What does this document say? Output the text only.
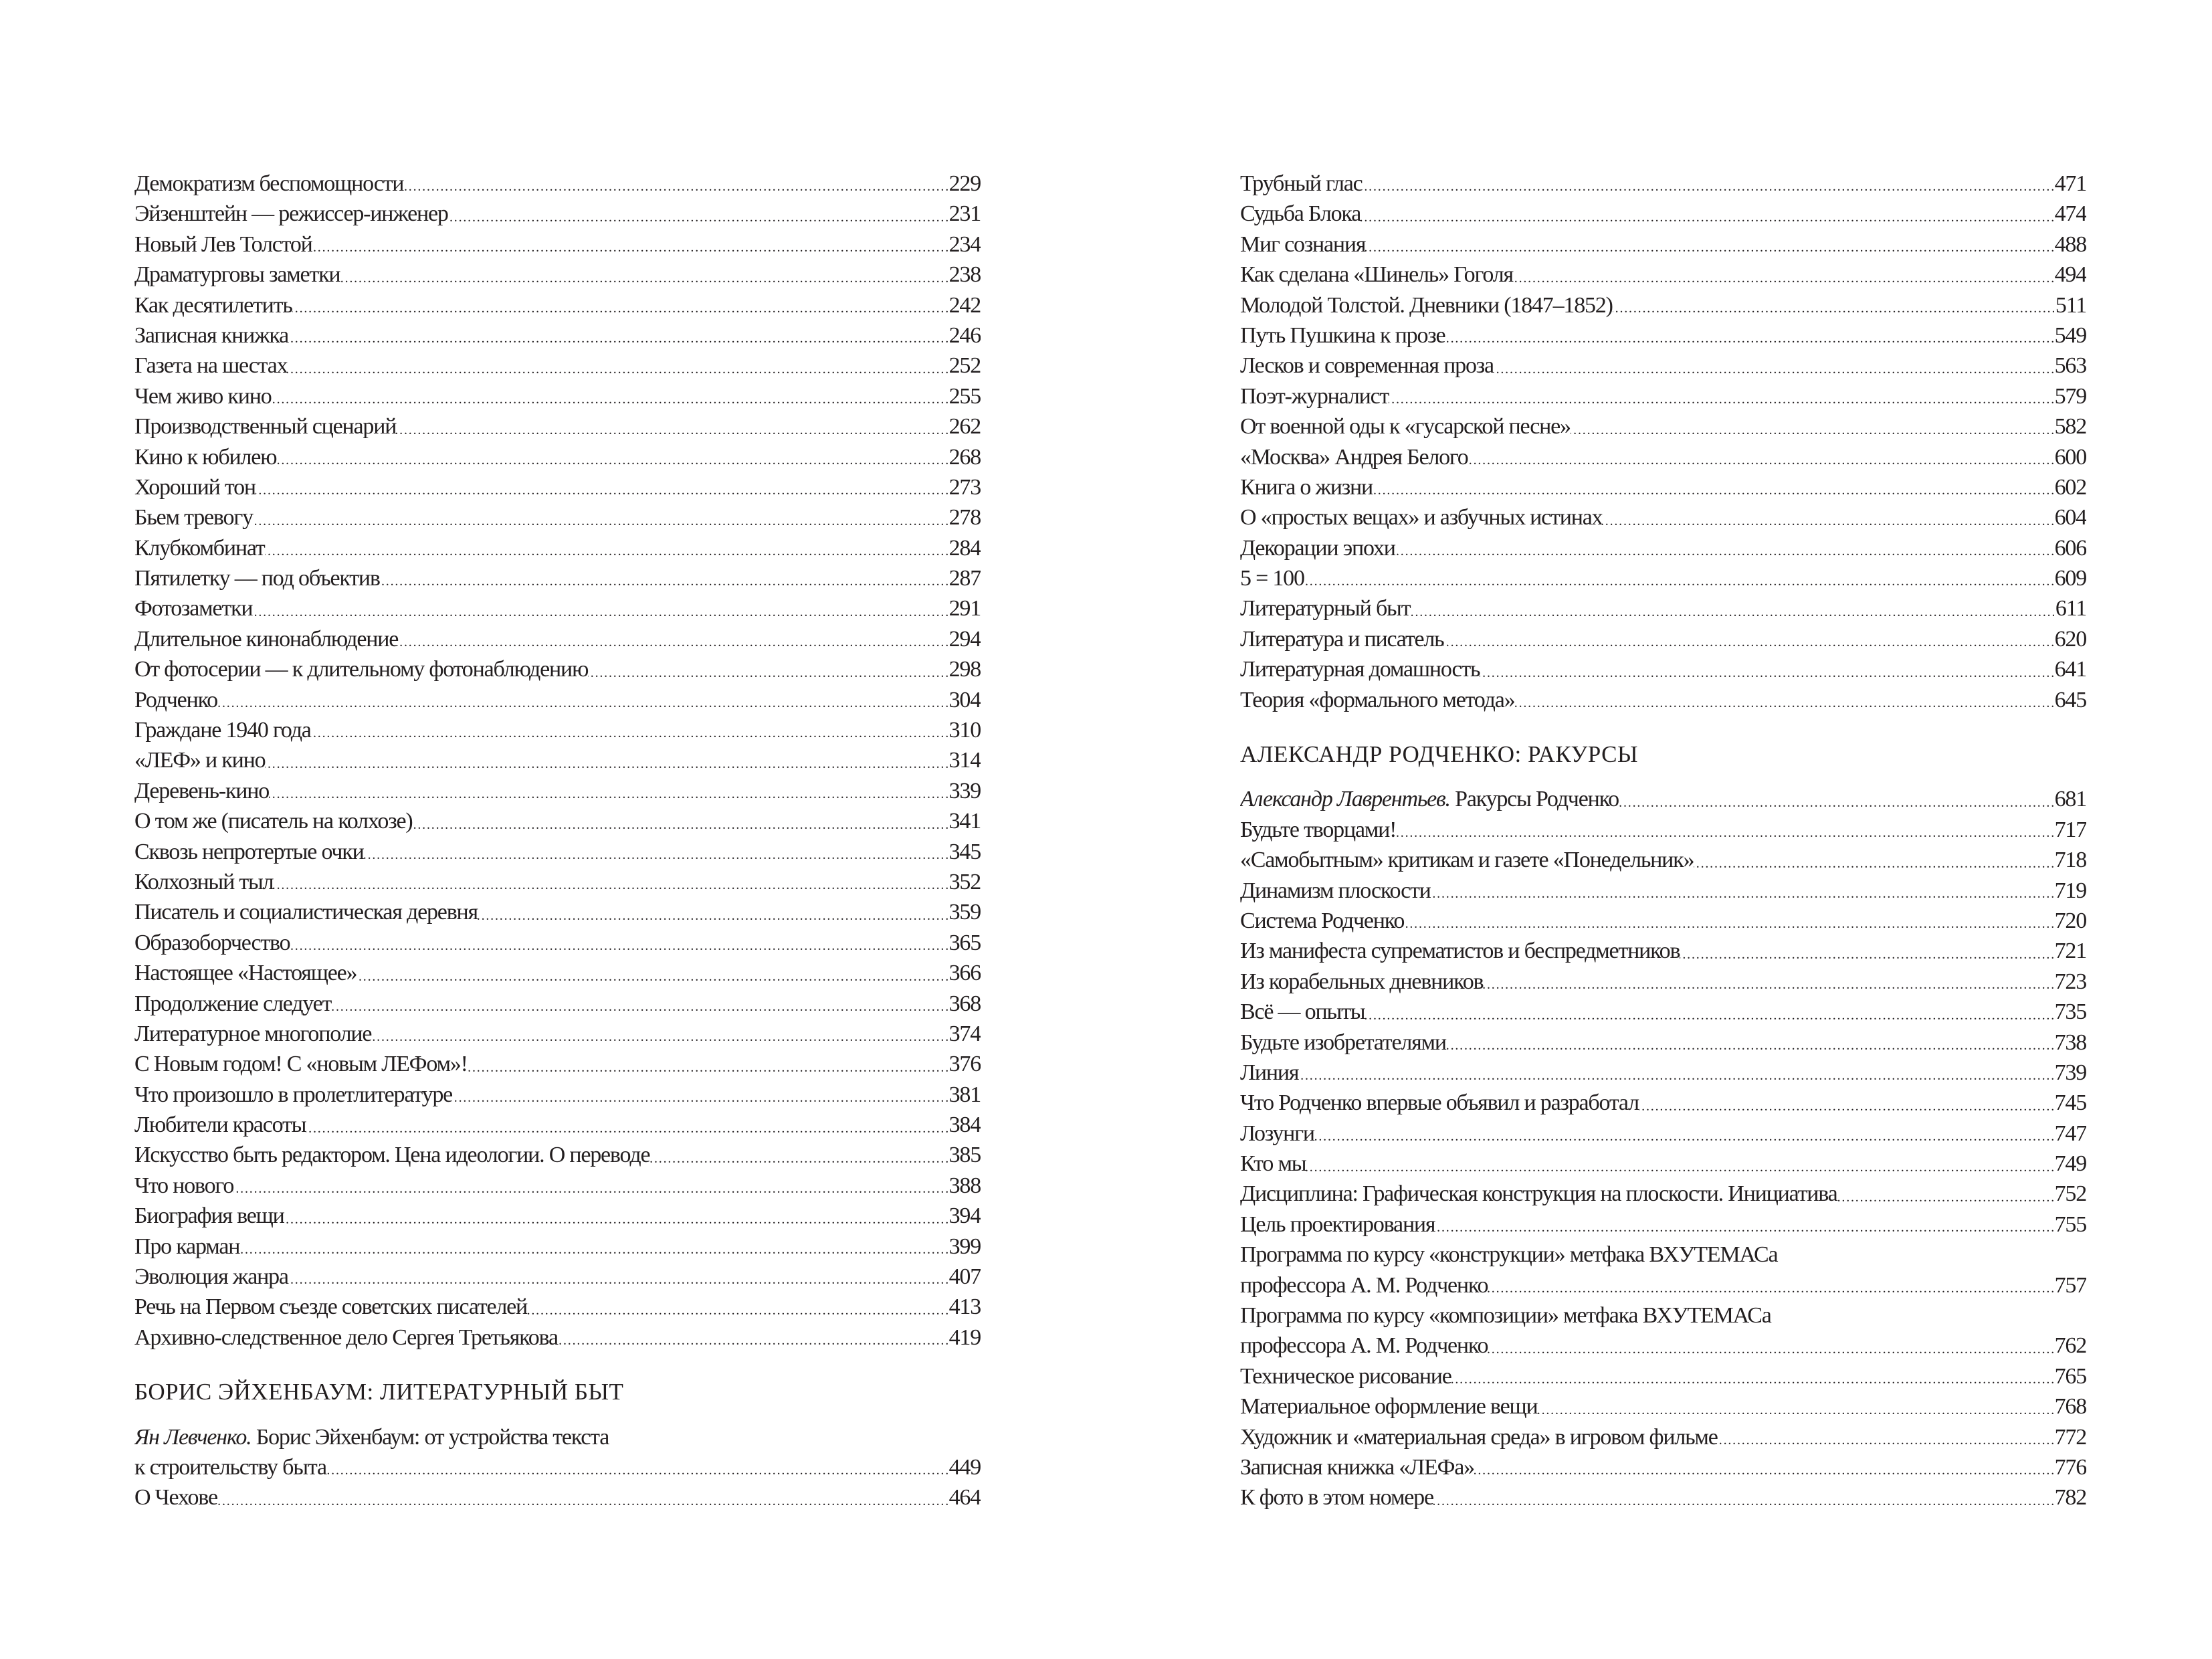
Демократизм беспомощности . . .	229
Эйзенштейн — режиссер-инженер . . .	231
Новый Лев Толстой . . .	234
Драматурговы заметки . . .	238
Как десятилетить . . .	242
Записная книжка . . .	246
Газета на шестах . . .	252
Чем живо кино . . .	255
Производственный сценарий . . .	262
Кино к юбилею . . .	268
Хороший тон . . .	273
Бьем тревогу . . .	278
Клубкомбинат . . .	284
Пятилетку — под объектив . . .	287
Фотозаметки . . .	291
Длительное кинонаблюдение . . .	294
От фотосерии — к длительному фотонаблюдению . . .	298
Родченко . . .	304
Граждане 1940 года . . .	310
«ЛЕФ» и кино . . .	314
Деревень-кино . . .	339
О том же (писатель на колхозе) . . .	341
Сквозь непротертые очки . . .	345
Колхозный тыл . . .	352
Писатель и социалистическая деревня . . .	359
Образоборчество . . .	365
Настоящее «Настоящее» . . .	366
Продолжение следует . . .	368
Литературное многополие . . .	374
С Новым годом! С «новым ЛЕФом»! . . .	376
Что произошло в пролетлитературе . . .	381
Любители красоты . . .	384
Искусство быть редактором. Цена идеологии. О переводе . . .	385
Что нового . . .	388
Биография вещи . . .	394
Про карман . . .	399
Эволюция жанра . . .	407
Речь на Первом съезде советских писателей . . .	413
Архивно-следственное дело Сергея Третьякова . . .	419
БОРИС ЭЙХЕНБАУМ: ЛИТЕРАТУРНЫЙ БЫТ
Ян Левченко. Борис Эйхенбаум: от устройства текста
к строительству быта . . .	449
О Чехове . . .	464
Трубный глас . . .	471
Судьба Блока . . .	474
Миг сознания . . .	488
Как сделана «Шинель» Гоголя . . .	494
Молодой Толстой. Дневники (1847–1852) . . .	511
Путь Пушкина к прозе . . .	549
Лесков и современная проза . . .	563
Поэт-журналист . . .	579
От военной оды к «гусарской песне» . . .	582
«Москва» Андрея Белого . . .	600
Книга о жизни . . .	602
О «простых вещах» и азбучных истинах . . .	604
Декорации эпохи . . .	606
5 = 100 . . .	609
Литературный быт . . .	611
Литература и писатель . . .	620
Литературная домашность . . .	641
Теория «формального метода» . . .	645
АЛЕКСАНДР РОДЧЕНКО: РАКУРСЫ
Александр Лаврентьев. Ракурсы Родченко . . .	681
Будьте творцами! . . .	717
«Самобытным» критикам и газете «Понедельник» . . .	718
Динамизм плоскости . . .	719
Система Родченко . . .	720
Из манифеста супрематистов и беспредметников . . .	721
Из корабельных дневников . . .	723
Всё — опыты . . .	735
Будьте изобретателями . . .	738
Линия . . .	739
Что Родченко впервые объявил и разработал . . .	745
Лозунги . . .	747
Кто мы . . .	749
Дисциплина: Графическая конструкция на плоскости. Инициатива . . .	752
Цель проектирования . . .	755
Программа по курсу «конструкции» метфака ВХУТЕМАСа
профессора А. М. Родченко . . .	757
Программа по курсу «композиции» метфака ВХУТЕМАСа
профессора А. М. Родченко . . .	762
Техническое рисование . . .	765
Материальное оформление вещи . . .	768
Художник и «материальная среда» в игровом фильме . . .	772
Записная книжка «ЛЕФа» . . .	776
К фото в этом номере . . .	782
